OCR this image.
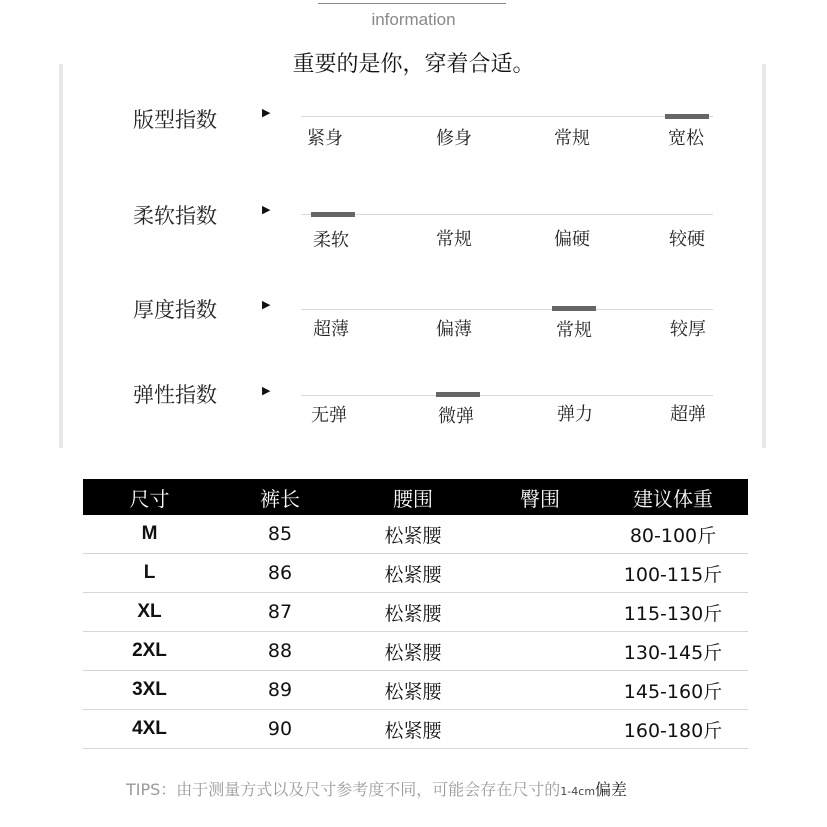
information
重要的是你，穿着合适。
版型指数	▶
紧身	修身	常规	宽松
柔软指数	▶
柔软	常规	偏硬	较硬
厚度指数	▶
超薄	偏薄	常规	较厚
弹性指数	▶
无弹	微弹	弹力	超弹
尺寸	裤长	腰围	臀围	建议体重
M	85	松紧腰		80-100斤
L	86	松紧腰		100-115斤
XL	87	松紧腰		115-130斤
2XL	88	松紧腰		130-145斤
3XL	89	松紧腰		145-160斤
4XL	90	松紧腰		160-180斤
TIPS：由于测量方式以及尺寸参考度不同，可能会存在尺寸的1-4cm偏差
